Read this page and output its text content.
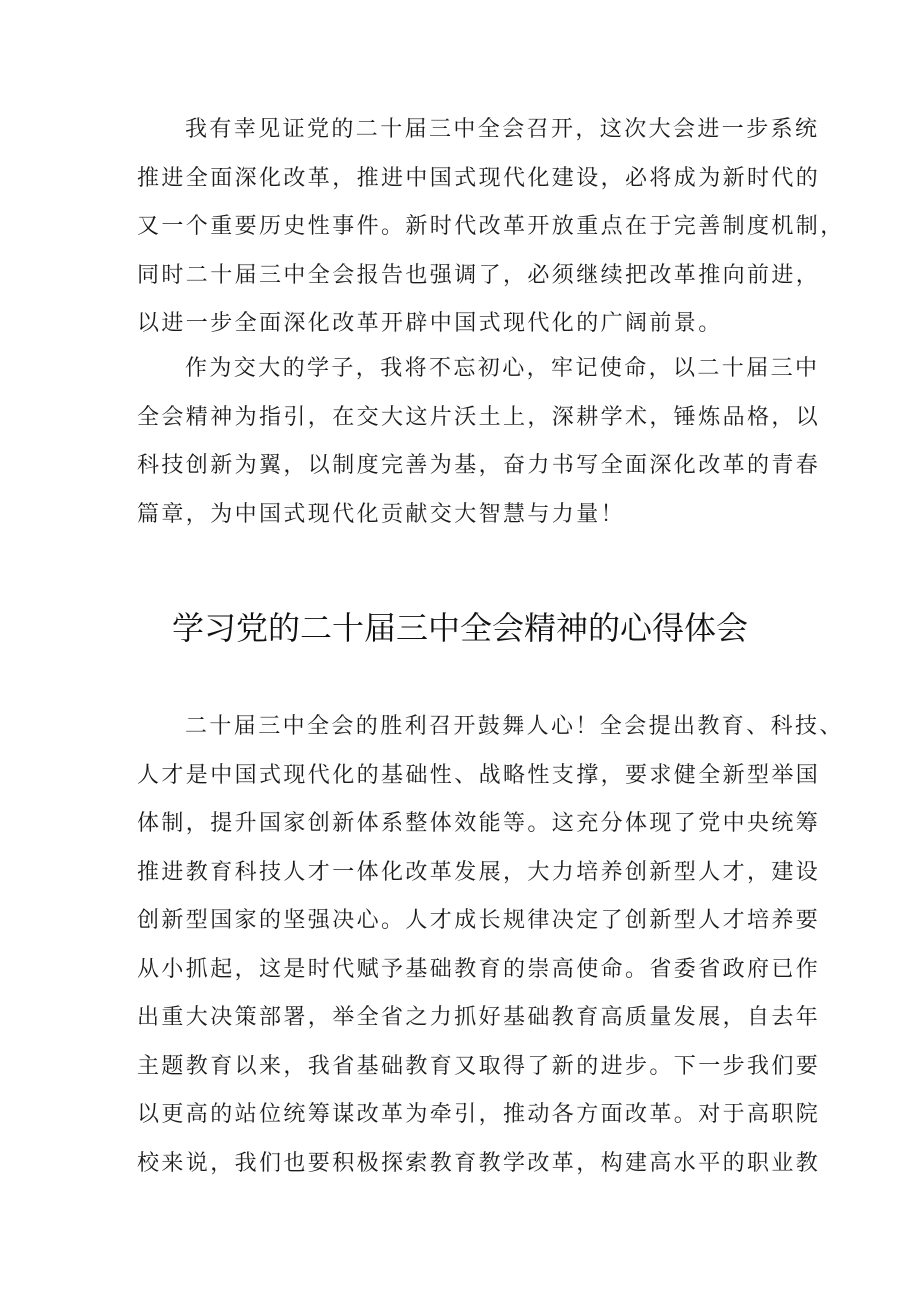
我有幸见证党的二十届三中全会召开，这次大会进一步系统
推进全面深化改革，推进中国式现代化建设，必将成为新时代的
又一个重要历史性事件。新时代改革开放重点在于完善制度机制，
同时二十届三中全会报告也强调了，必须继续把改革推向前进，
以进一步全面深化改革开辟中国式现代化的广阔前景。
作为交大的学子，我将不忘初心，牢记使命，以二十届三中
全会精神为指引，在交大这片沃土上，深耕学术，锤炼品格，以
科技创新为翼，以制度完善为基，奋力书写全面深化改革的青春
篇章，为中国式现代化贡献交大智慧与力量！
学习党的二十届三中全会精神的心得体会
二十届三中全会的胜利召开鼓舞人心！全会提出教育、科技、
人才是中国式现代化的基础性、战略性支撑，要求健全新型举国
体制，提升国家创新体系整体效能等。这充分体现了党中央统筹
推进教育科技人才一体化改革发展，大力培养创新型人才，建设
创新型国家的坚强决心。人才成长规律决定了创新型人才培养要
从小抓起，这是时代赋予基础教育的崇高使命。省委省政府已作
出重大决策部署，举全省之力抓好基础教育高质量发展，自去年
主题教育以来，我省基础教育又取得了新的进步。下一步我们要
以更高的站位统筹谋改革为牵引，推动各方面改革。对于高职院
校来说，我们也要积极探索教育教学改革，构建高水平的职业教
